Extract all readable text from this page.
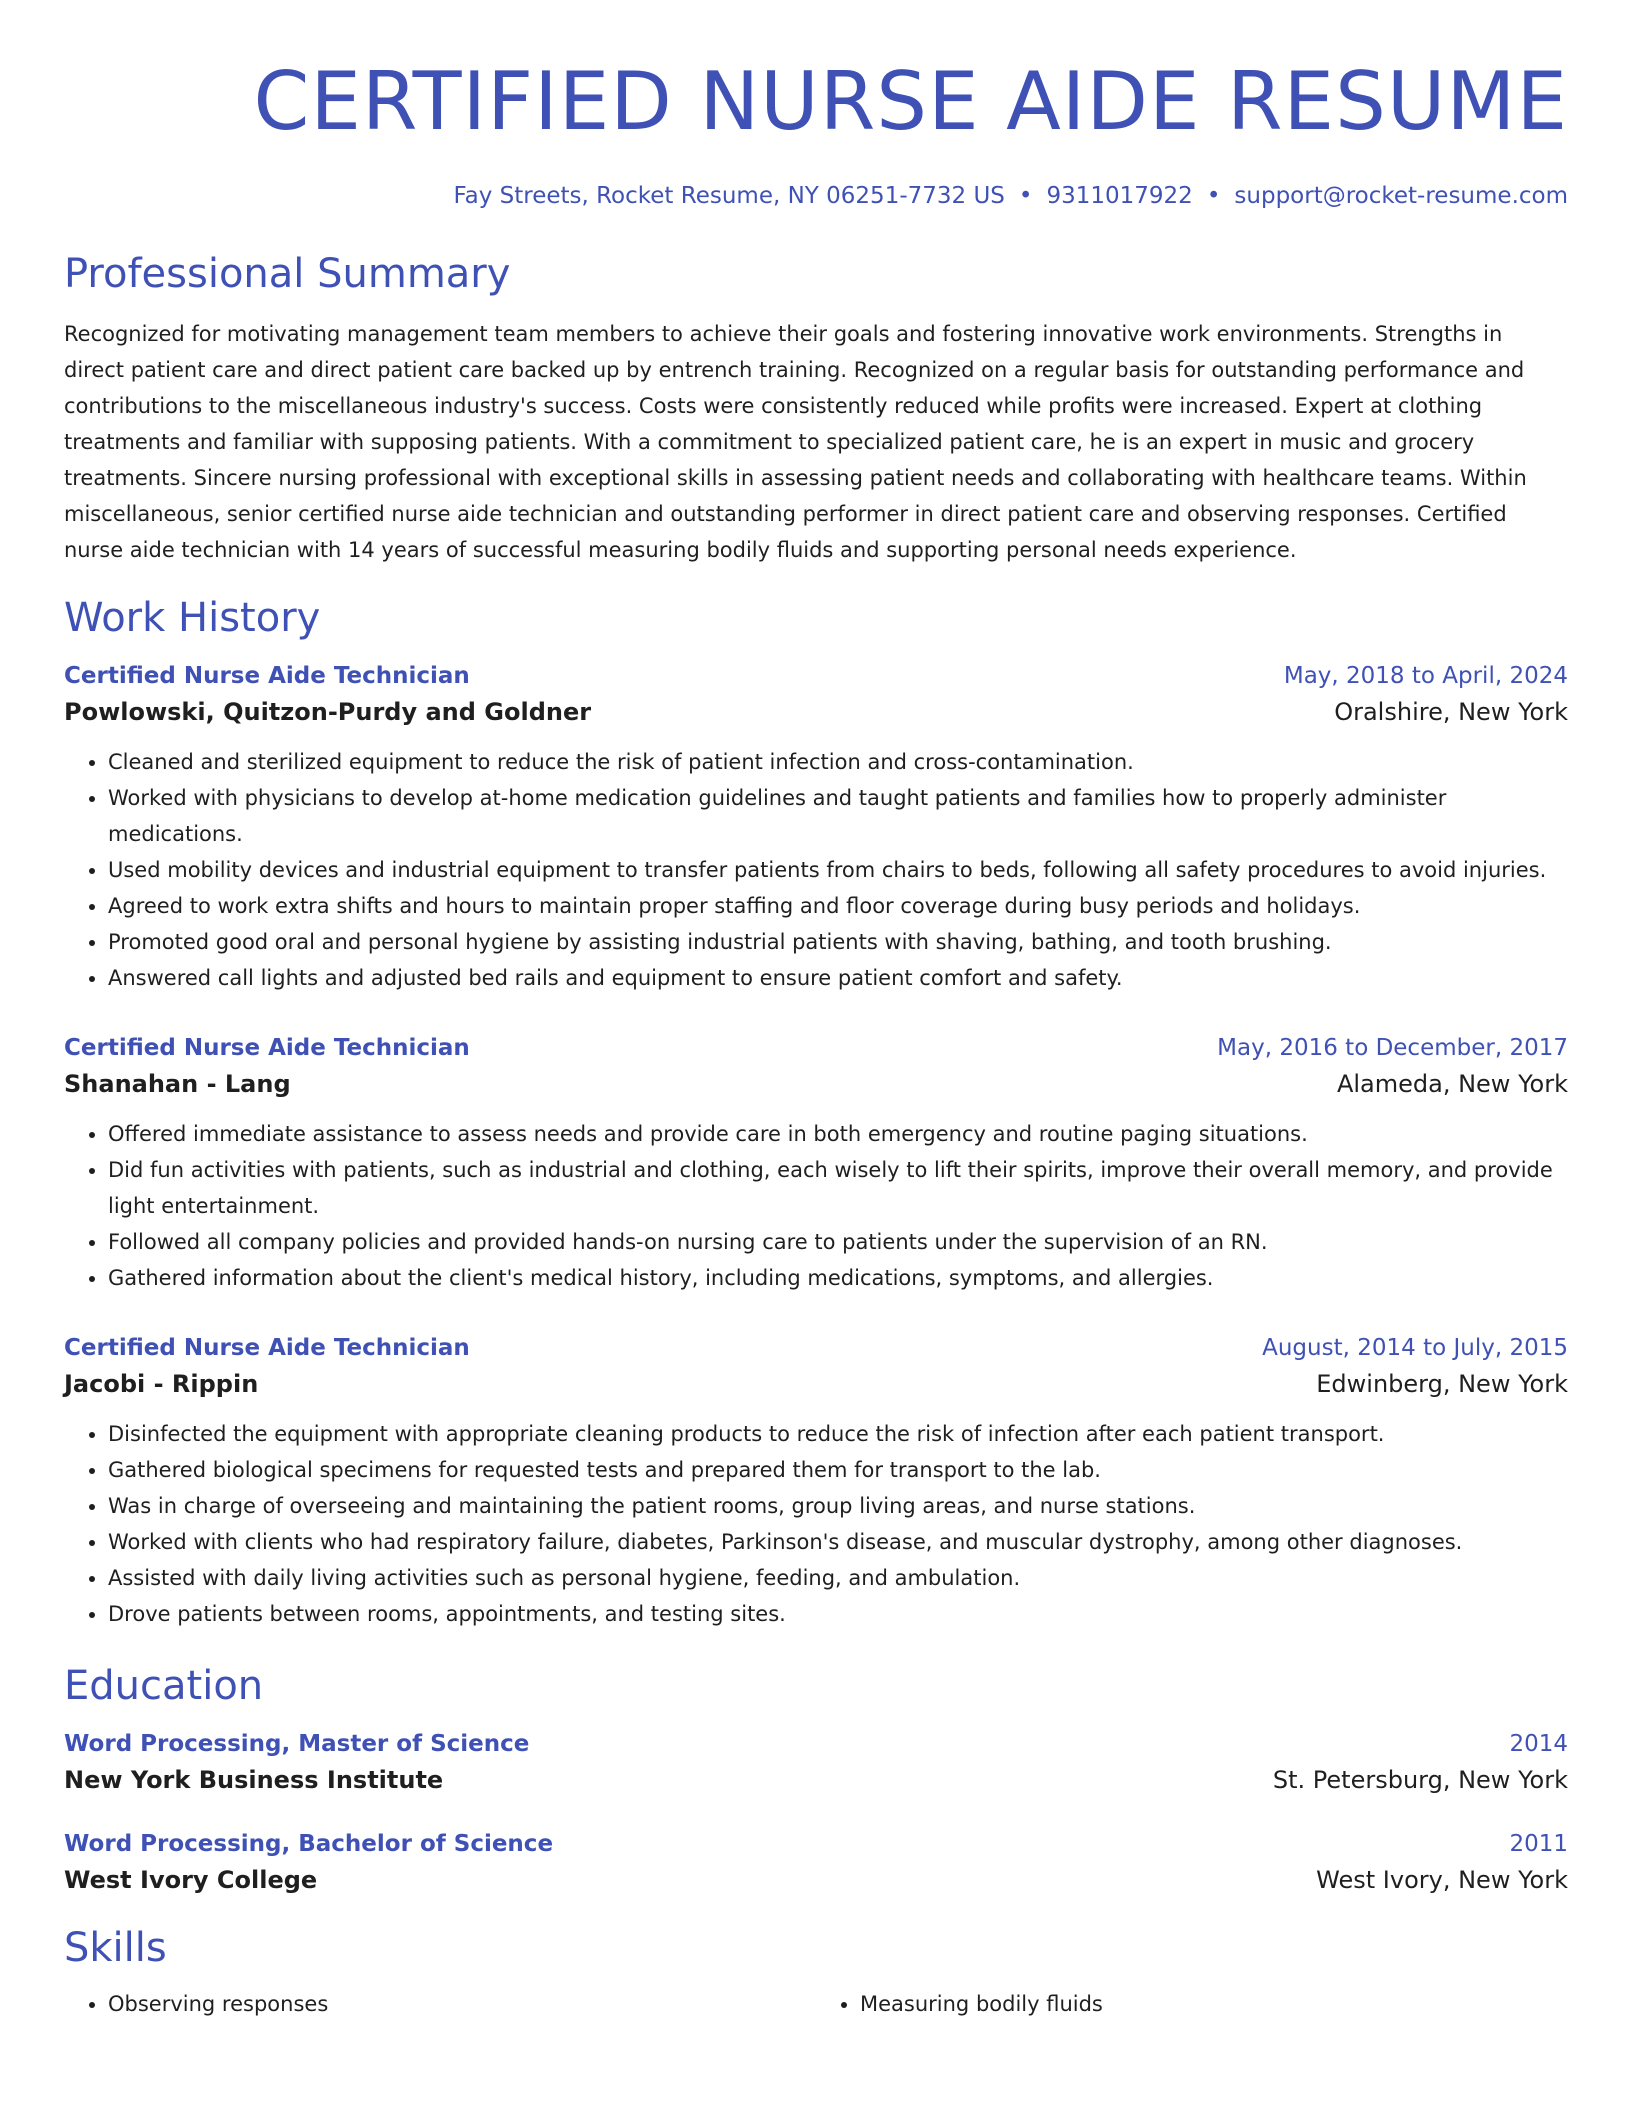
CERTIFIED NURSE AIDE RESUME
Fay Streets, Rocket Resume, NY 06251-7732 US • 9311017922 • support@rocket-resume.com
Professional Summary
Recognized for motivating management team members to achieve their goals and fostering innovative work environments. Strengths in direct patient care and direct patient care backed up by entrench training. Recognized on a regular basis for outstanding performance and contributions to the miscellaneous industry's success. Costs were consistently reduced while profits were increased. Expert at clothing treatments and familiar with supposing patients. With a commitment to specialized patient care, he is an expert in music and grocery treatments. Sincere nursing professional with exceptional skills in assessing patient needs and collaborating with healthcare teams. Within miscellaneous, senior certified nurse aide technician and outstanding performer in direct patient care and observing responses. Certified nurse aide technician with 14 years of successful measuring bodily fluids and supporting personal needs experience.
Work History
Certified Nurse Aide Technician	May, 2018 to April, 2024
Powlowski, Quitzon-Purdy and Goldner	Oralshire, New York
• Cleaned and sterilized equipment to reduce the risk of patient infection and cross-contamination.
• Worked with physicians to develop at-home medication guidelines and taught patients and families how to properly administer medications.
• Used mobility devices and industrial equipment to transfer patients from chairs to beds, following all safety procedures to avoid injuries.
• Agreed to work extra shifts and hours to maintain proper staffing and floor coverage during busy periods and holidays.
• Promoted good oral and personal hygiene by assisting industrial patients with shaving, bathing, and tooth brushing.
• Answered call lights and adjusted bed rails and equipment to ensure patient comfort and safety.
Certified Nurse Aide Technician	May, 2016 to December, 2017
Shanahan - Lang	Alameda, New York
• Offered immediate assistance to assess needs and provide care in both emergency and routine paging situations.
• Did fun activities with patients, such as industrial and clothing, each wisely to lift their spirits, improve their overall memory, and provide light entertainment.
• Followed all company policies and provided hands-on nursing care to patients under the supervision of an RN.
• Gathered information about the client's medical history, including medications, symptoms, and allergies.
Certified Nurse Aide Technician	August, 2014 to July, 2015
Jacobi - Rippin	Edwinberg, New York
• Disinfected the equipment with appropriate cleaning products to reduce the risk of infection after each patient transport.
• Gathered biological specimens for requested tests and prepared them for transport to the lab.
• Was in charge of overseeing and maintaining the patient rooms, group living areas, and nurse stations.
• Worked with clients who had respiratory failure, diabetes, Parkinson's disease, and muscular dystrophy, among other diagnoses.
• Assisted with daily living activities such as personal hygiene, feeding, and ambulation.
• Drove patients between rooms, appointments, and testing sites.
Education
Word Processing, Master of Science	2014
New York Business Institute	St. Petersburg, New York
Word Processing, Bachelor of Science	2011
West Ivory College	West Ivory, New York
Skills
• Observing responses
•	Measuring bodily fluids
